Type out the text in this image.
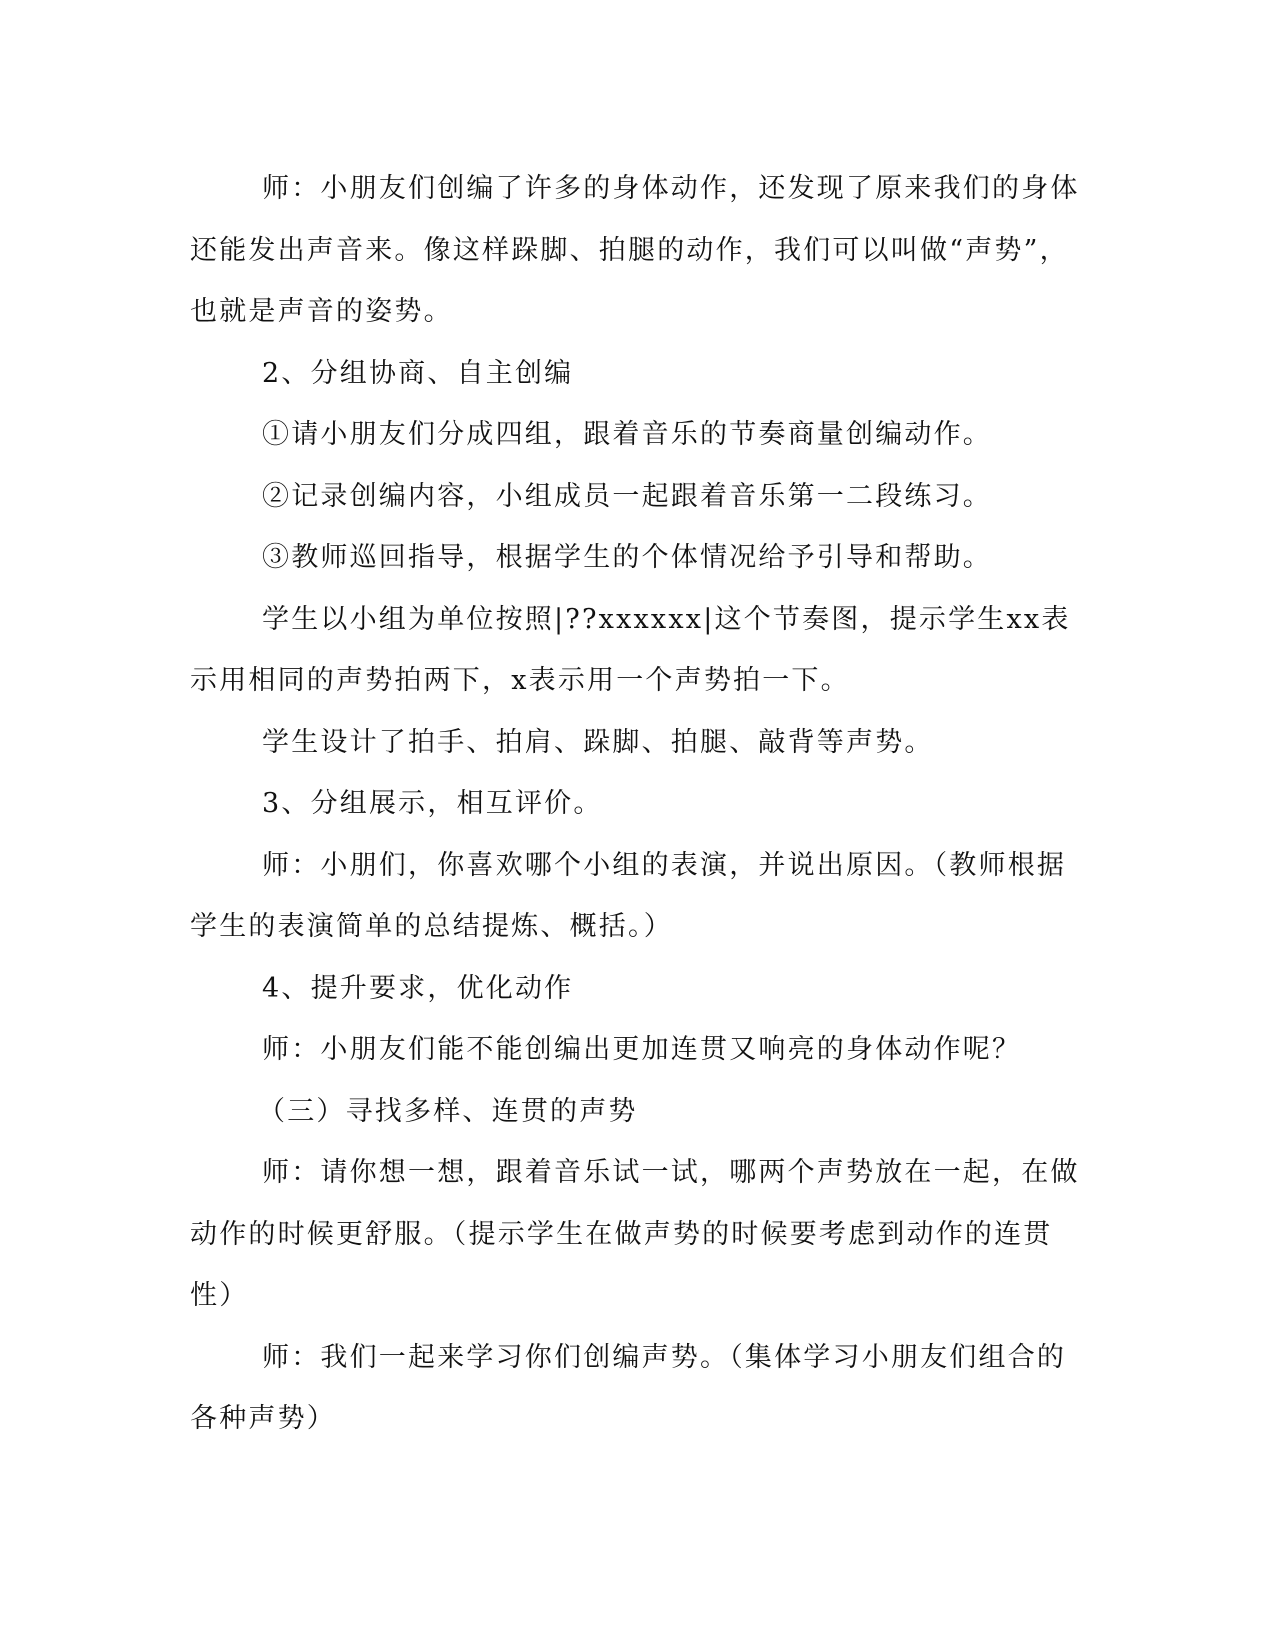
师：小朋友们创编了许多的身体动作，还发现了原来我们的身体还能发出声音来。像这样跺脚、拍腿的动作，我们可以叫做“声势”，也就是声音的姿势。

2、分组协商、自主创编

①请小朋友们分成四组，跟着音乐的节奏商量创编动作。

②记录创编内容，小组成员一起跟着音乐第一二段练习。

③教师巡回指导，根据学生的个体情况给予引导和帮助。

学生以小组为单位按照|??xxxxxx|这个节奏图，提示学生xx表示用相同的声势拍两下，x表示用一个声势拍一下。

学生设计了拍手、拍肩、跺脚、拍腿、敲背等声势。

3、分组展示，相互评价。

师：小朋们，你喜欢哪个小组的表演，并说出原因。（教师根据学生的表演简单的总结提炼、概括。）

4、提升要求，优化动作

师：小朋友们能不能创编出更加连贯又响亮的身体动作呢？

（三）寻找多样、连贯的声势

师：请你想一想，跟着音乐试一试，哪两个声势放在一起，在做动作的时候更舒服。（提示学生在做声势的时候要考虑到动作的连贯性）

师：我们一起来学习你们创编声势。（集体学习小朋友们组合的各种声势）
